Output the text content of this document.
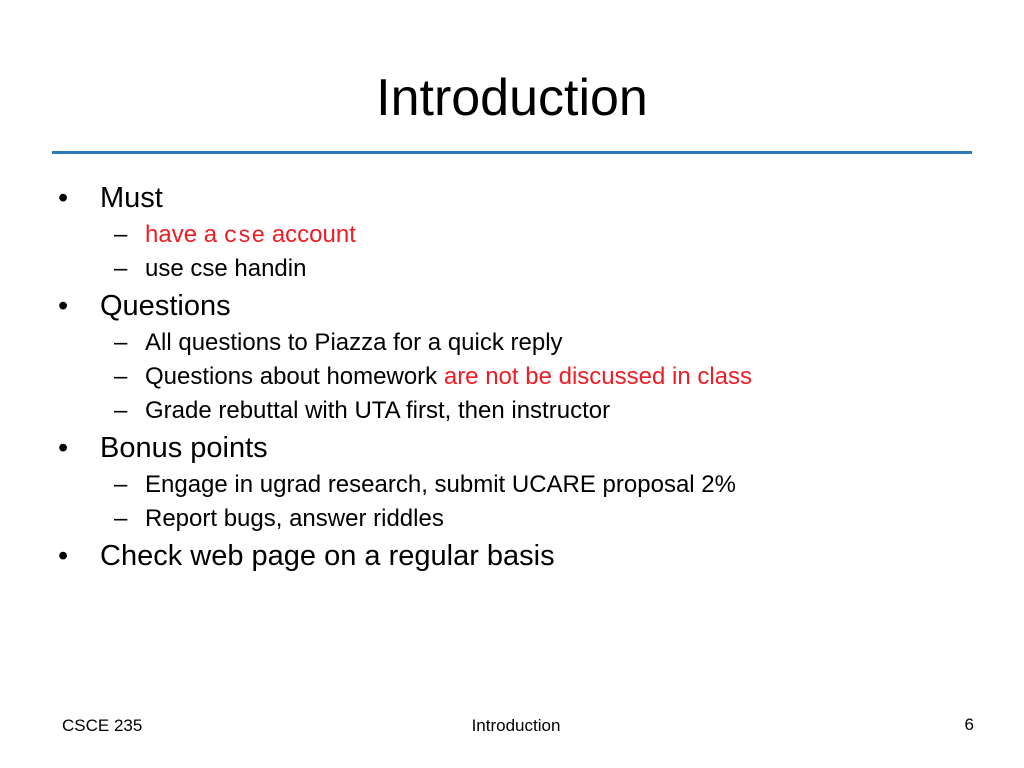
Introduction
•	Must
– have a cse account
– use cse handin
•	Questions
– All questions to Piazza for a quick reply
– Questions about homework are not be discussed in class
– Grade rebuttal with UTA first, then instructor
•	Bonus points
– Engage in ugrad research, submit UCARE proposal 2%
– Report bugs, answer riddles
•	Check web page on a regular basis
CSCE 235	Introduction	6
